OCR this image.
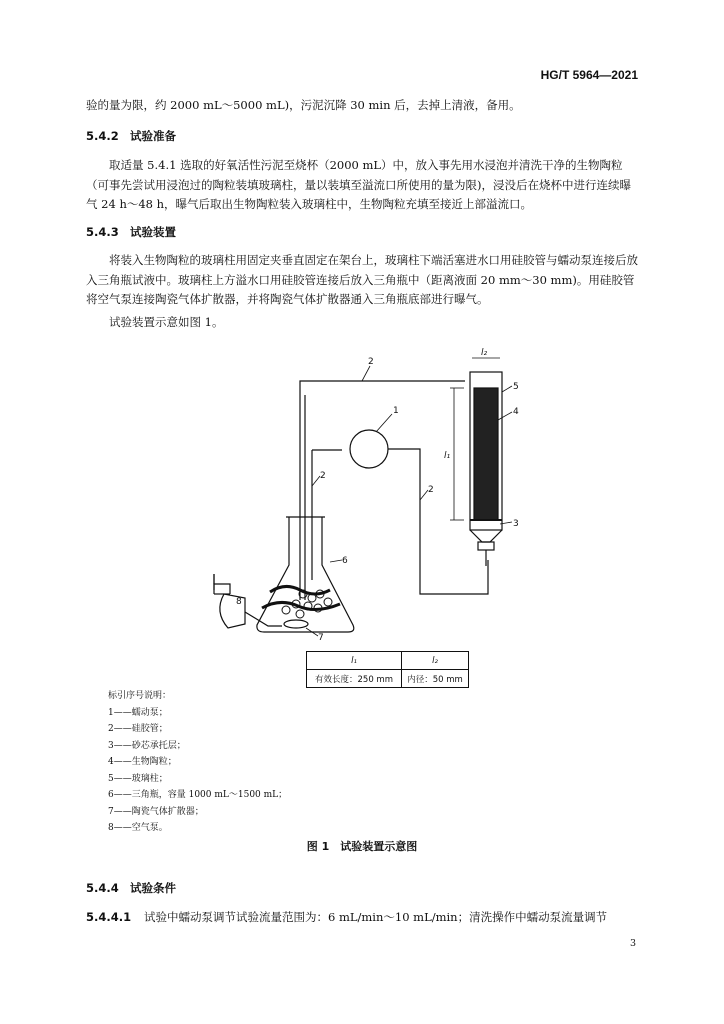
HG/T 5964—2021
验的量为限，约 2000 mL～5000 mL)，污泥沉降 30 min 后，去掉上清液，备用。
5.4.2 试验准备
取适量 5.4.1 选取的好氧活性污泥至烧杯（2000 mL）中，放入事先用水浸泡并清洗干净的生物陶粒（可事先尝试用浸泡过的陶粒装填玻璃柱，量以装填至溢流口所使用的量为限)，浸没后在烧杯中进行连续曝气 24 h～48 h，曝气后取出生物陶粒装入玻璃柱中，生物陶粒充填至接近上部溢流口。
5.4.3 试验装置
将装入生物陶粒的玻璃柱用固定夹垂直固定在架台上，玻璃柱下端活塞进水口用硅胶管与蠕动泵连接后放入三角瓶试液中。玻璃柱上方溢水口用硅胶管连接后放入三角瓶中（距离液面 20 mm～30 mm)。用硅胶管将空气泵连接陶瓷气体扩散器，并将陶瓷气体扩散器通入三角瓶底部进行曝气。
试验装置示意如图 1。
1
2
2
2
3
4
5
6
7
8
l₁
l₂
l₁	l₂
有效长度：250 mm	内径：50 mm
标引序号说明：
1——蠕动泵；
2——硅胶管；
3——砂芯承托层；
4——生物陶粒；
5——玻璃柱；
6——三角瓶，容量 1000 mL～1500 mL；
7——陶瓷气体扩散器；
8——空气泵。
图 1　试验装置示意图
5.4.4 试验条件
5.4.4.1 试验中蠕动泵调节试验流量范围为：6 mL/min～10 mL/min；清洗操作中蠕动泵流量调节
3
